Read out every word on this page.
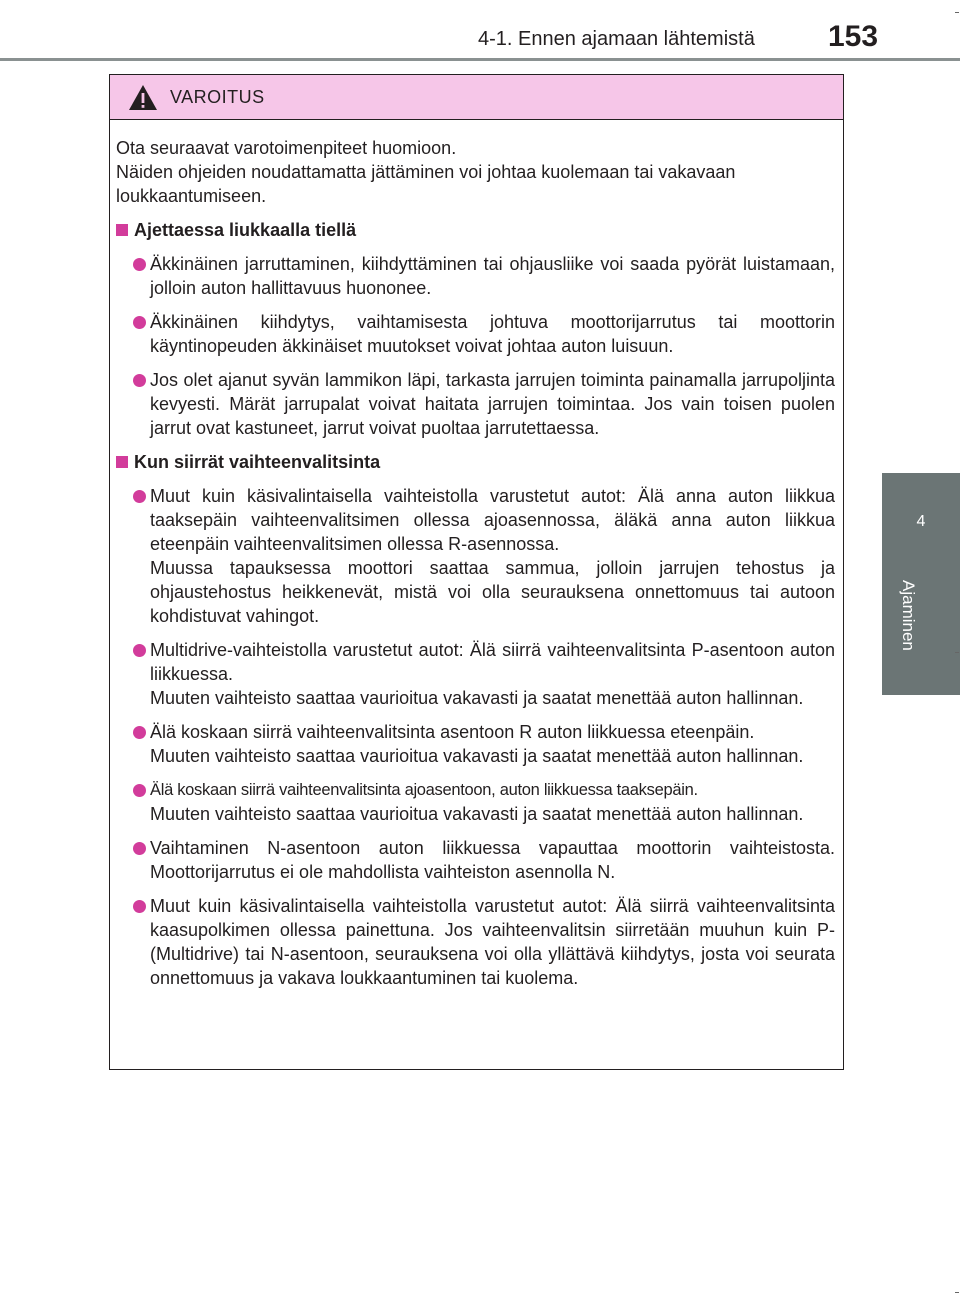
4-1. Ennen ajamaan lähtemistä 153
4
Ajaminen
VAROITUS

Ota seuraavat varotoimenpiteet huomioon.

Näiden ohjeiden noudattamatta jättäminen voi johtaa kuolemaan tai vakavaan loukkaantumiseen.

Ajettaessa liukkaalla tiellä

Äkkinäinen jarruttaminen, kiihdyttäminen tai ohjausliike voi saada pyörät luistamaan, jolloin auton hallittavuus huononee.

Äkkinäinen kiihdytys, vaihtamisesta johtuva moottorijarrutus tai moottorin käyntinopeuden äkkinäiset muutokset voivat johtaa auton luisuun.

Jos olet ajanut syvän lammikon läpi, tarkasta jarrujen toiminta painamalla jarrupoljinta kevyesti. Märät jarrupalat voivat haitata jarrujen toimintaa. Jos vain toisen puolen jarrut ovat kastuneet, jarrut voivat puoltaa jarrutettaessa.

Kun siirrät vaihteenvalitsinta

Muut kuin käsivalintaisella vaihteistolla varustetut autot: Älä anna auton liikkua taaksepäin vaihteenvalitsimen ollessa ajoasennossa, äläkä anna auton liikkua eteenpäin vaihteenvalitsimen ollessa R-asennossa.

Muussa tapauksessa moottori saattaa sammua, jolloin jarrujen tehostus ja ohjaustehostus heikkenevät, mistä voi olla seurauksena onnettomuus tai autoon kohdistuvat vahingot.

Multidrive-vaihteistolla varustetut autot: Älä siirrä vaihteenvalitsinta P-asentoon auton liikkuessa.

Muuten vaihteisto saattaa vaurioitua vakavasti ja saatat menettää auton hallinnan.

Älä koskaan siirrä vaihteenvalitsinta asentoon R auton liikkuessa eteenpäin.

Muuten vaihteisto saattaa vaurioitua vakavasti ja saatat menettää auton hallinnan.

Älä koskaan siirrä vaihteenvalitsinta ajoasentoon, auton liikkuessa taaksepäin.

Muuten vaihteisto saattaa vaurioitua vakavasti ja saatat menettää auton hallinnan.

Vaihtaminen N-asentoon auton liikkuessa vapauttaa moottorin vaihteistosta. Moottorijarrutus ei ole mahdollista vaihteiston asennolla N.

Muut kuin käsivalintaisella vaihteistolla varustetut autot: Älä siirrä vaihteenvalitsinta kaasupolkimen ollessa painettuna. Jos vaihteenvalitsin siirretään muuhun kuin P- (Multidrive) tai N-asentoon, seurauksena voi olla yllättävä kiihdytys, josta voi seurata onnettomuus ja vakava loukkaantuminen tai kuolema.
